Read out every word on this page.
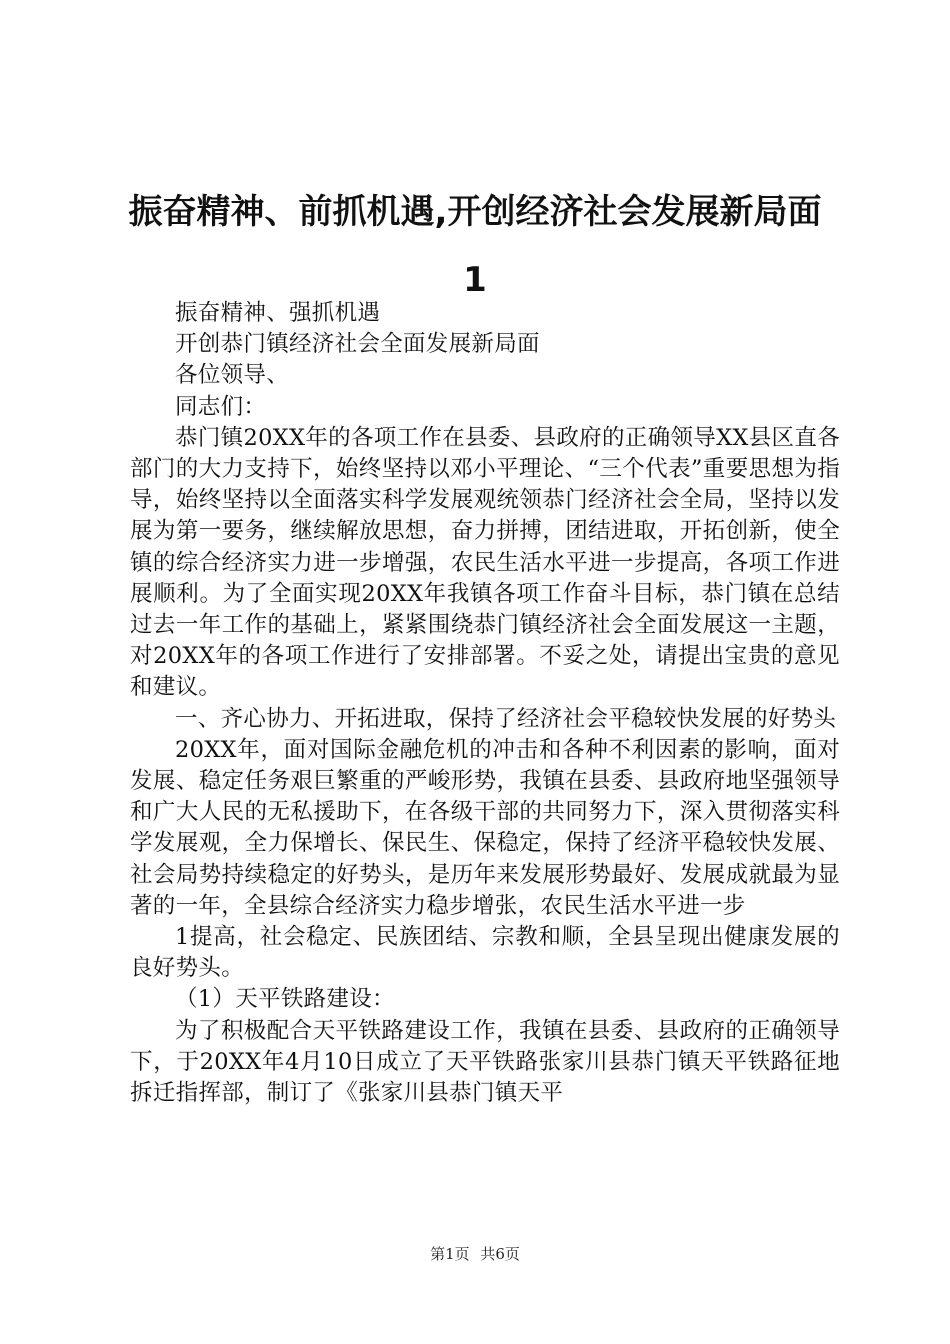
振奋精神、前抓机遇,开创经济社会发展新局面1

振奋精神、强抓机遇

开创恭门镇经济社会全面发展新局面

各位领导、

同志们：

恭门镇20XX年的各项工作在县委、县政府的正确领导XX县区直各部门的大力支持下，始终坚持以邓小平理论、“三个代表”重要思想为指导，始终坚持以全面落实科学发展观统领恭门经济社会全局，坚持以发展为第一要务，继续解放思想，奋力拼搏，团结进取，开拓创新，使全镇的综合经济实力进一步增强，农民生活水平进一步提高，各项工作进展顺利。为了全面实现20XX年我镇各项工作奋斗目标，恭门镇在总结过去一年工作的基础上，紧紧围绕恭门镇经济社会全面发展这一主题，对20XX年的各项工作进行了安排部署。不妥之处，请提出宝贵的意见和建议。

一、齐心协力、开拓进取，保持了经济社会平稳较快发展的好势头

20XX年，面对国际金融危机的冲击和各种不利因素的影响，面对发展、稳定任务艰巨繁重的严峻形势，我镇在县委、县政府地坚强领导和广大人民的无私援助下，在各级干部的共同努力下，深入贯彻落实科学发展观，全力保增长、保民生、保稳定，保持了经济平稳较快发展、社会局势持续稳定的好势头，是历年来发展形势最好、发展成就最为显著的一年，全县综合经济实力稳步增张，农民生活水平进一步

1提高，社会稳定、民族团结、宗教和顺，全县呈现出健康发展的良好势头。

（1）天平铁路建设：

为了积极配合天平铁路建设工作，我镇在县委、县政府的正确领导下，于20XX年4月10日成立了天平铁路张家川县恭门镇天平铁路征地拆迁指挥部，制订了《张家川县恭门镇天平

第1页 共6页
